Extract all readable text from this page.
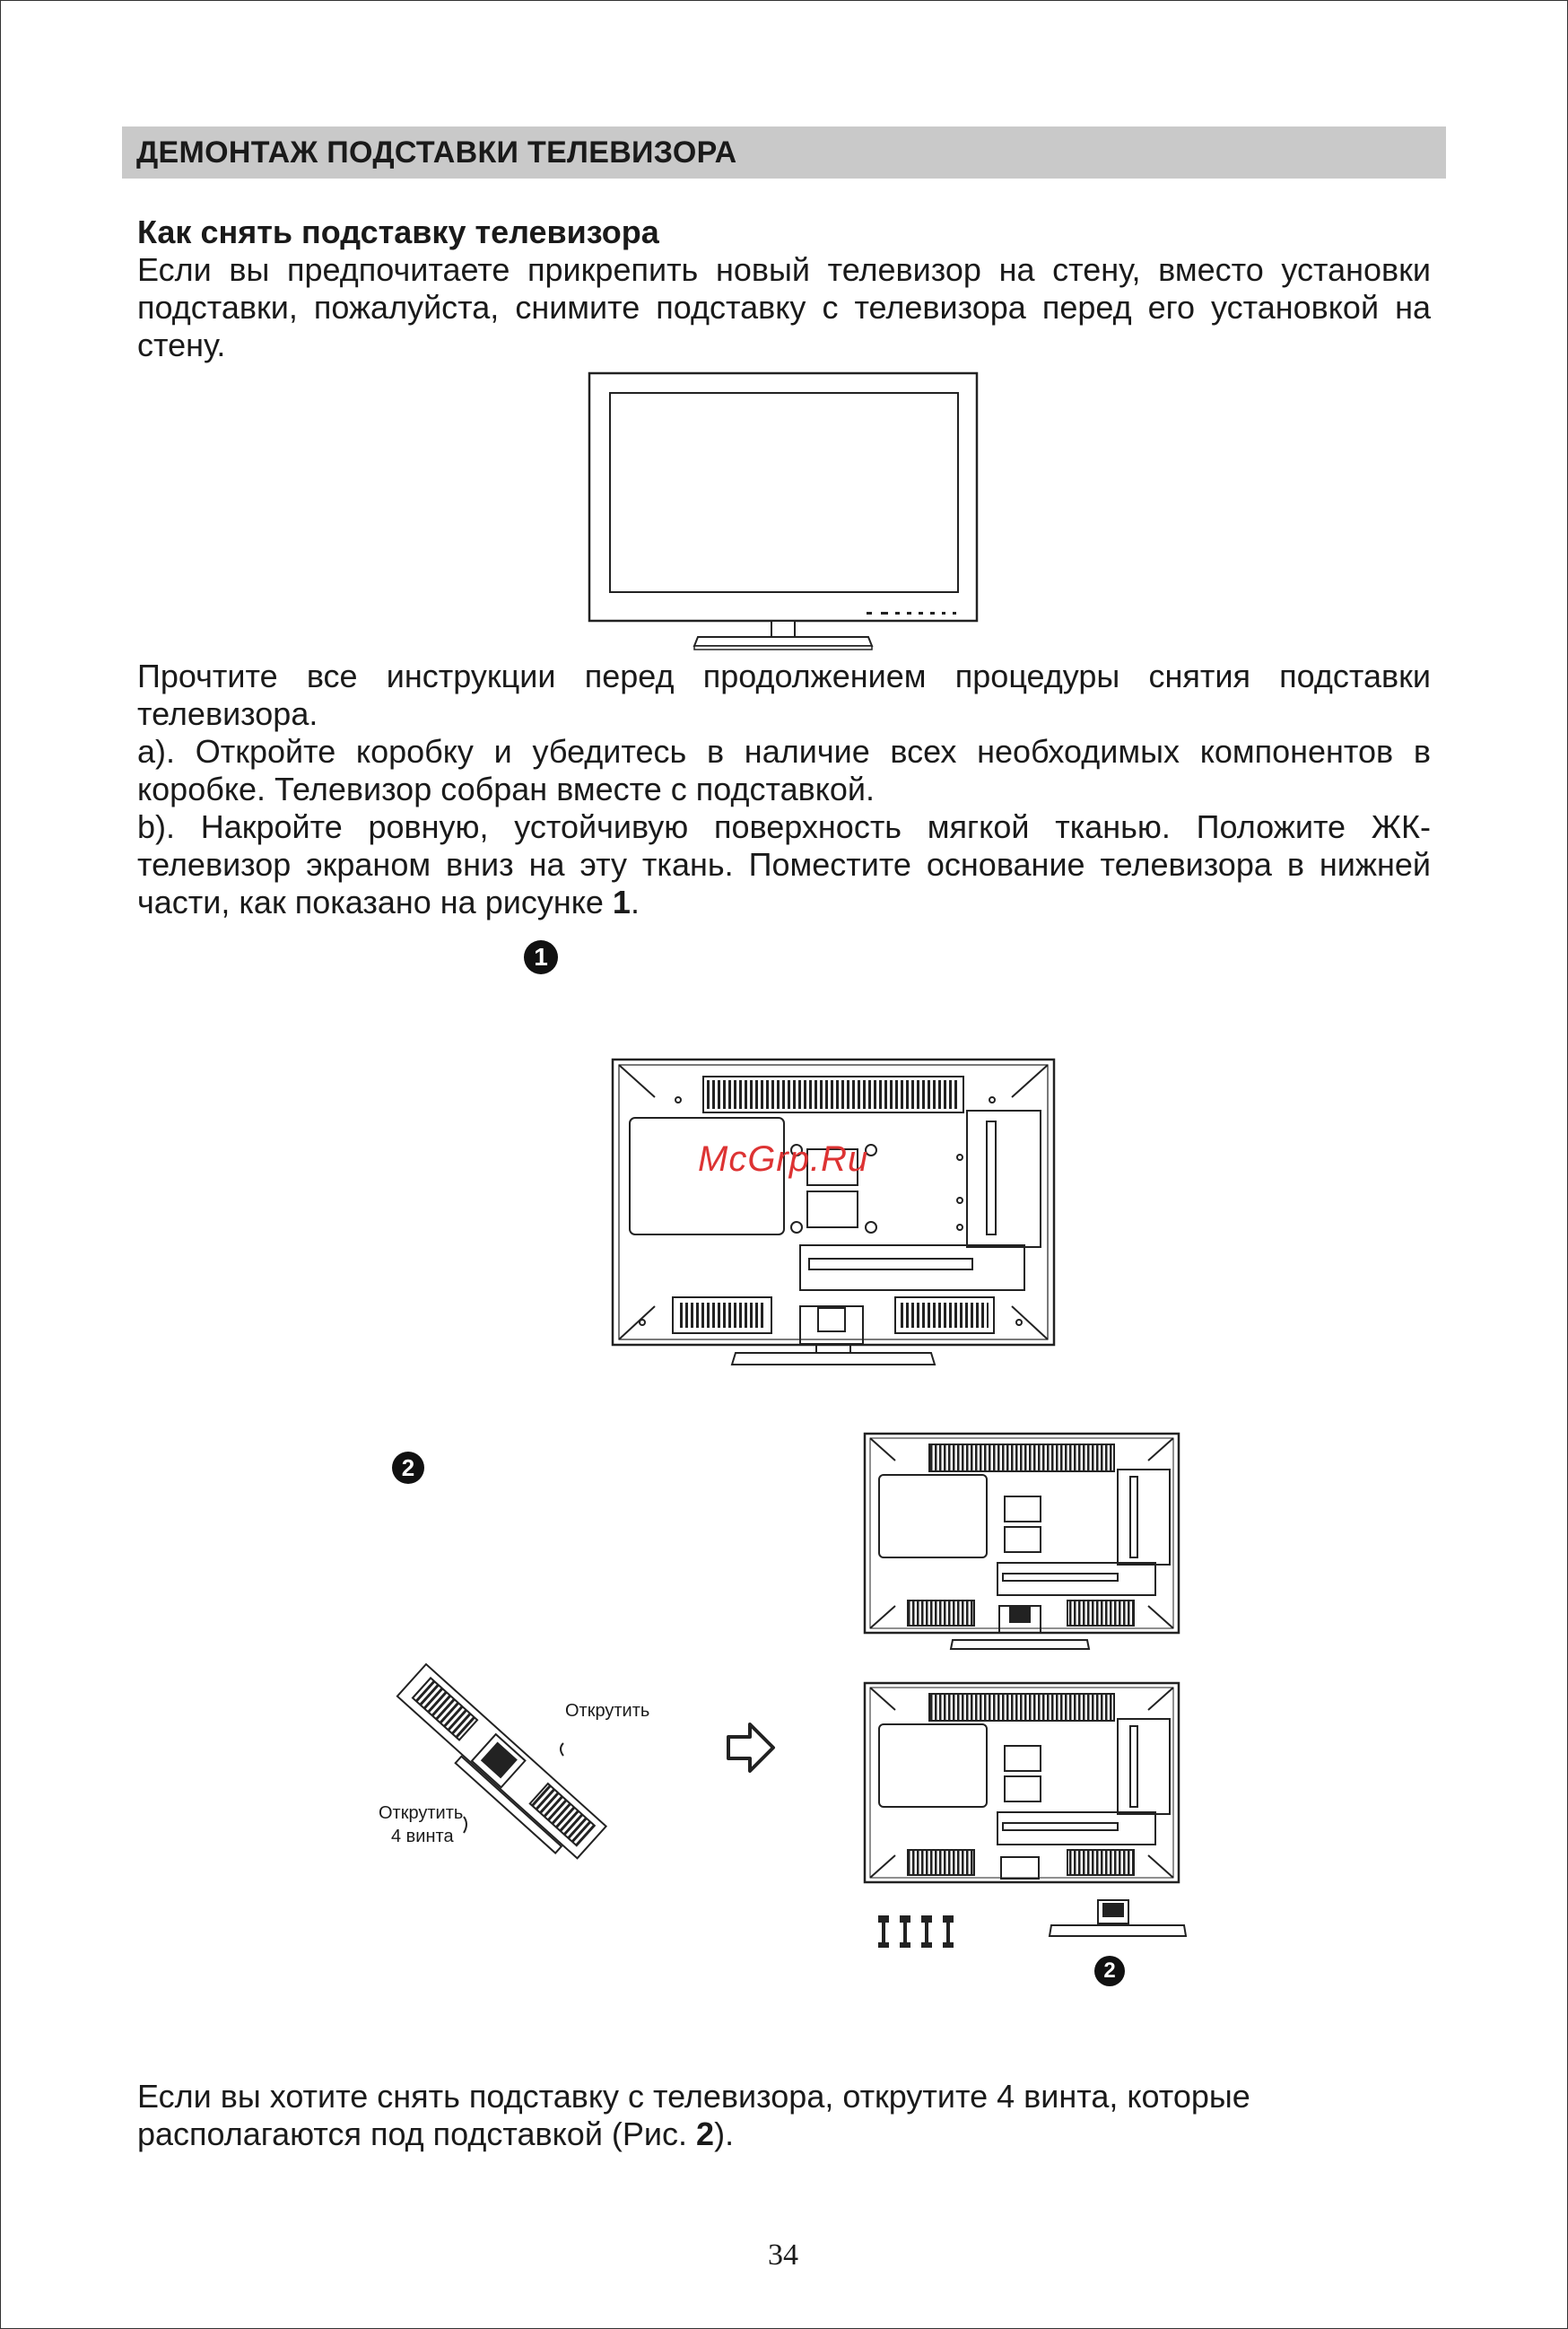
ДЕМОНТАЖ ПОДСТАВКИ ТЕЛЕВИЗОРА
Как снять подставку телевизора
Если вы предпочитаете прикрепить новый телевизор на стену, вместо установки
подставки, пожалуйста, снимите подставку с телевизора перед его установкой на
стену.
Прочтите все инструкции перед продолжением процедуры снятия подставки
телевизора.
a). Откройте коробку и убедитесь в наличие всех необходимых компонентов в
коробке. Телевизор собран вместе с подставкой.
b). Накройте ровную, устойчивую поверхность мягкой тканью. Положите ЖК-
телевизор экраном вниз на эту ткань. Поместите основание телевизора в нижней
части, как показано на рисунке 1.
1
McGrp.Ru
2
Открутить
Открутить
4 винта
2
Если вы хотите снять подставку с телевизора, открутите 4 винта, которые
располагаются под подставкой (Рис. 2).
34
